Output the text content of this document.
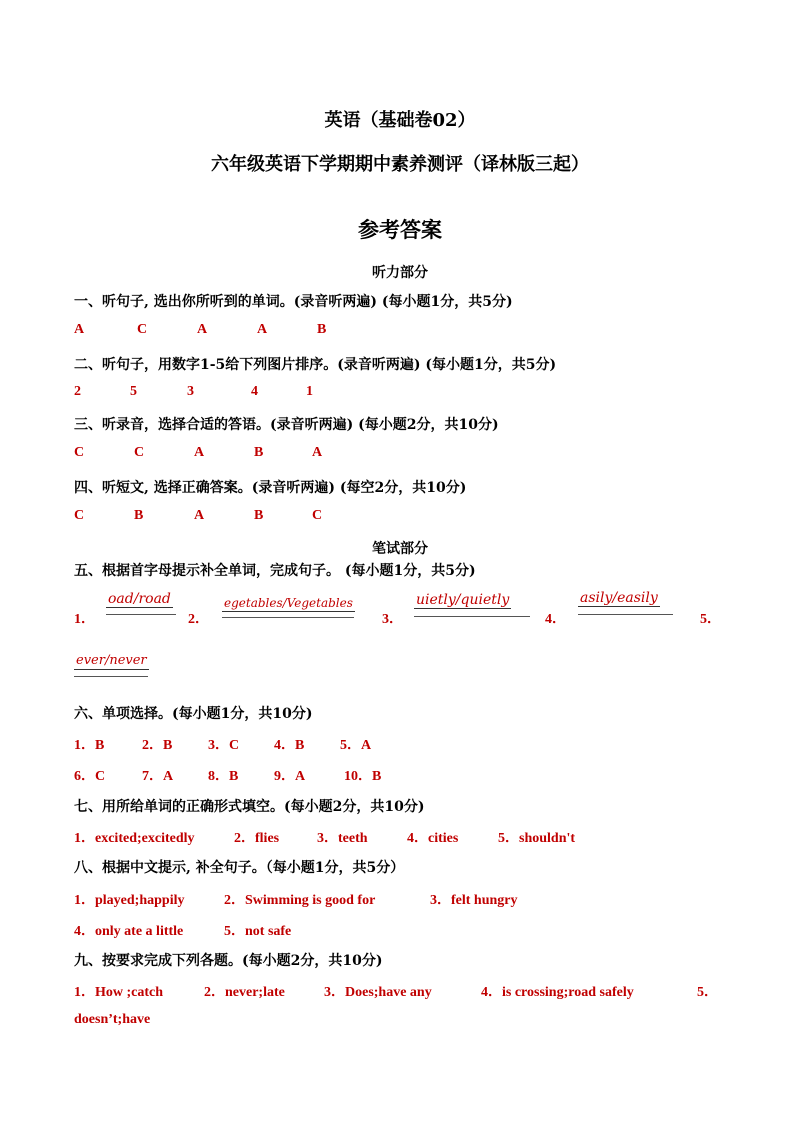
英语（基础卷02）
六年级英语下学期期中素养测评（译林版三起）
参考答案
听力部分
一、听句子, 选出你所听到的单词。(录音听两遍) (每小题1分，共5分)
A	C	A	A	B
二、听句子，用数字1-5给下列图片排序。(录音听两遍) (每小题1分，共5分)
2	5	3	4	1
三、听录音，选择合适的答语。(录音听两遍) (每小题2分，共10分)
C	C	A	B	A
四、听短文, 选择正确答案。(录音听两遍) (每空2分，共10分)
C	B	A	B	C
笔试部分
五、根据首字母提示补全单词，完成句子。 (每小题1分，共5分)
1．
oad/road
2．
egetables/Vegetables
3．
uietly/quietly
4．
asily/easily
5．
ever/never
六、单项选择。(每小题1分，共10分)
1．B	2．B	3．C 4．B	5．A
6．C	7．A 8．B	9．A	10．B
七、用所给单词的正确形式填空。(每小题2分，共10分)
1．excited;excitedly	2．flies	3．teeth	4．cities	5．shouldn't
八、根据中文提示, 补全句子。（每小题1分，共5分）
1．played;happily	2．Swimming is good for	3．felt hungry
4．only ate a little	5．not safe
九、按要求完成下列各题。(每小题2分，共10分)
1．How ;catch	2．never;late	3．Does;have any	4．is crossing;road safely	5．
doesn’t;have
